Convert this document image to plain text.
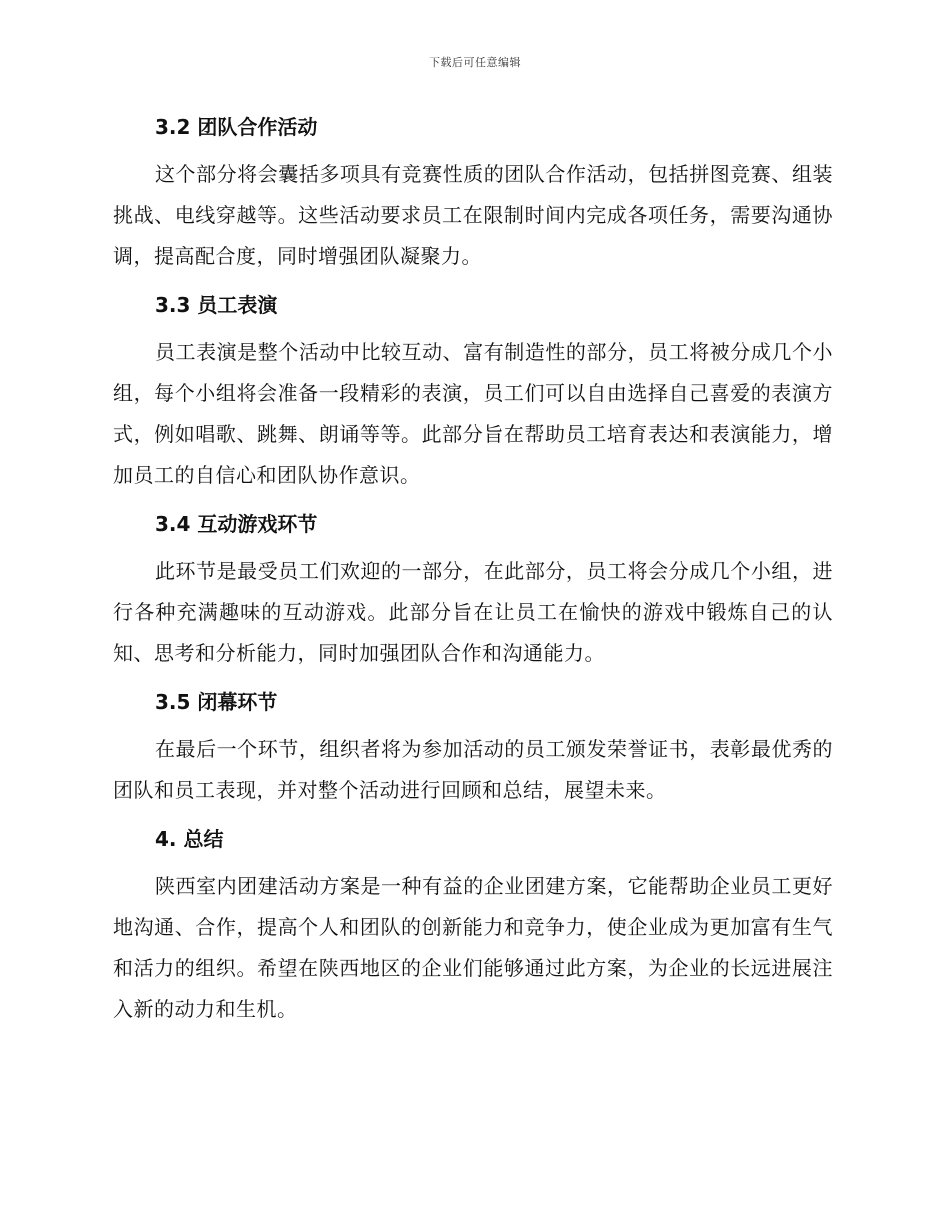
下载后可任意编辑
3.2 团队合作活动

这个部分将会囊括多项具有竞赛性质的团队合作活动，包括拼图竞赛、组装挑战、电线穿越等。这些活动要求员工在限制时间内完成各项任务，需要沟通协调，提高配合度，同时增强团队凝聚力。

3.3 员工表演

员工表演是整个活动中比较互动、富有制造性的部分，员工将被分成几个小组，每个小组将会准备一段精彩的表演，员工们可以自由选择自己喜爱的表演方式，例如唱歌、跳舞、朗诵等等。此部分旨在帮助员工培育表达和表演能力，增加员工的自信心和团队协作意识。

3.4 互动游戏环节

此环节是最受员工们欢迎的一部分，在此部分，员工将会分成几个小组，进行各种充满趣味的互动游戏。此部分旨在让员工在愉快的游戏中锻炼自己的认知、思考和分析能力，同时加强团队合作和沟通能力。

3.5 闭幕环节

在最后一个环节，组织者将为参加活动的员工颁发荣誉证书，表彰最优秀的团队和员工表现，并对整个活动进行回顾和总结，展望未来。

4. 总结

陕西室内团建活动方案是一种有益的企业团建方案，它能帮助企业员工更好地沟通、合作，提高个人和团队的创新能力和竞争力，使企业成为更加富有生气和活力的组织。希望在陕西地区的企业们能够通过此方案，为企业的长远进展注入新的动力和生机。
